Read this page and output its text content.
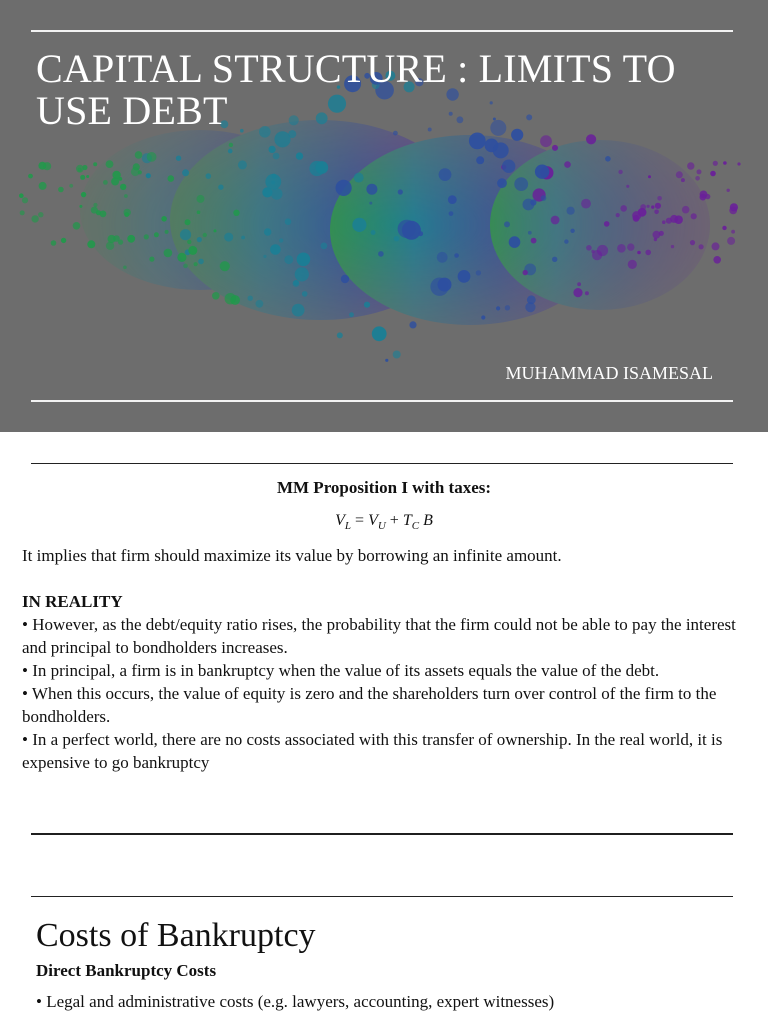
CAPITAL STRUCTURE : LIMITS TO USE DEBT
MUHAMMAD ISAMESAL
MM Proposition I with taxes:
$V_L = V_U + T_C$ B

It implies that firm should maximize its value by borrowing an infinite amount.

IN REALITY

• However, as the debt/equity ratio rises, the probability that the firm could not be able to pay the interest and principal to bondholders increases.

• In principal, a firm is in bankruptcy when the value of its assets equals the value of the debt.

• When this occurs, the value of equity is zero and the shareholders turn over control of the firm to the bondholders.

• In a perfect world, there are no costs associated with this transfer of ownership. In the real world, it is expensive to go bankruptcy

Costs of Bankruptcy
Direct Bankruptcy Costs
• Legal and administrative costs (e.g. lawyers, accounting, expert witnesses)
